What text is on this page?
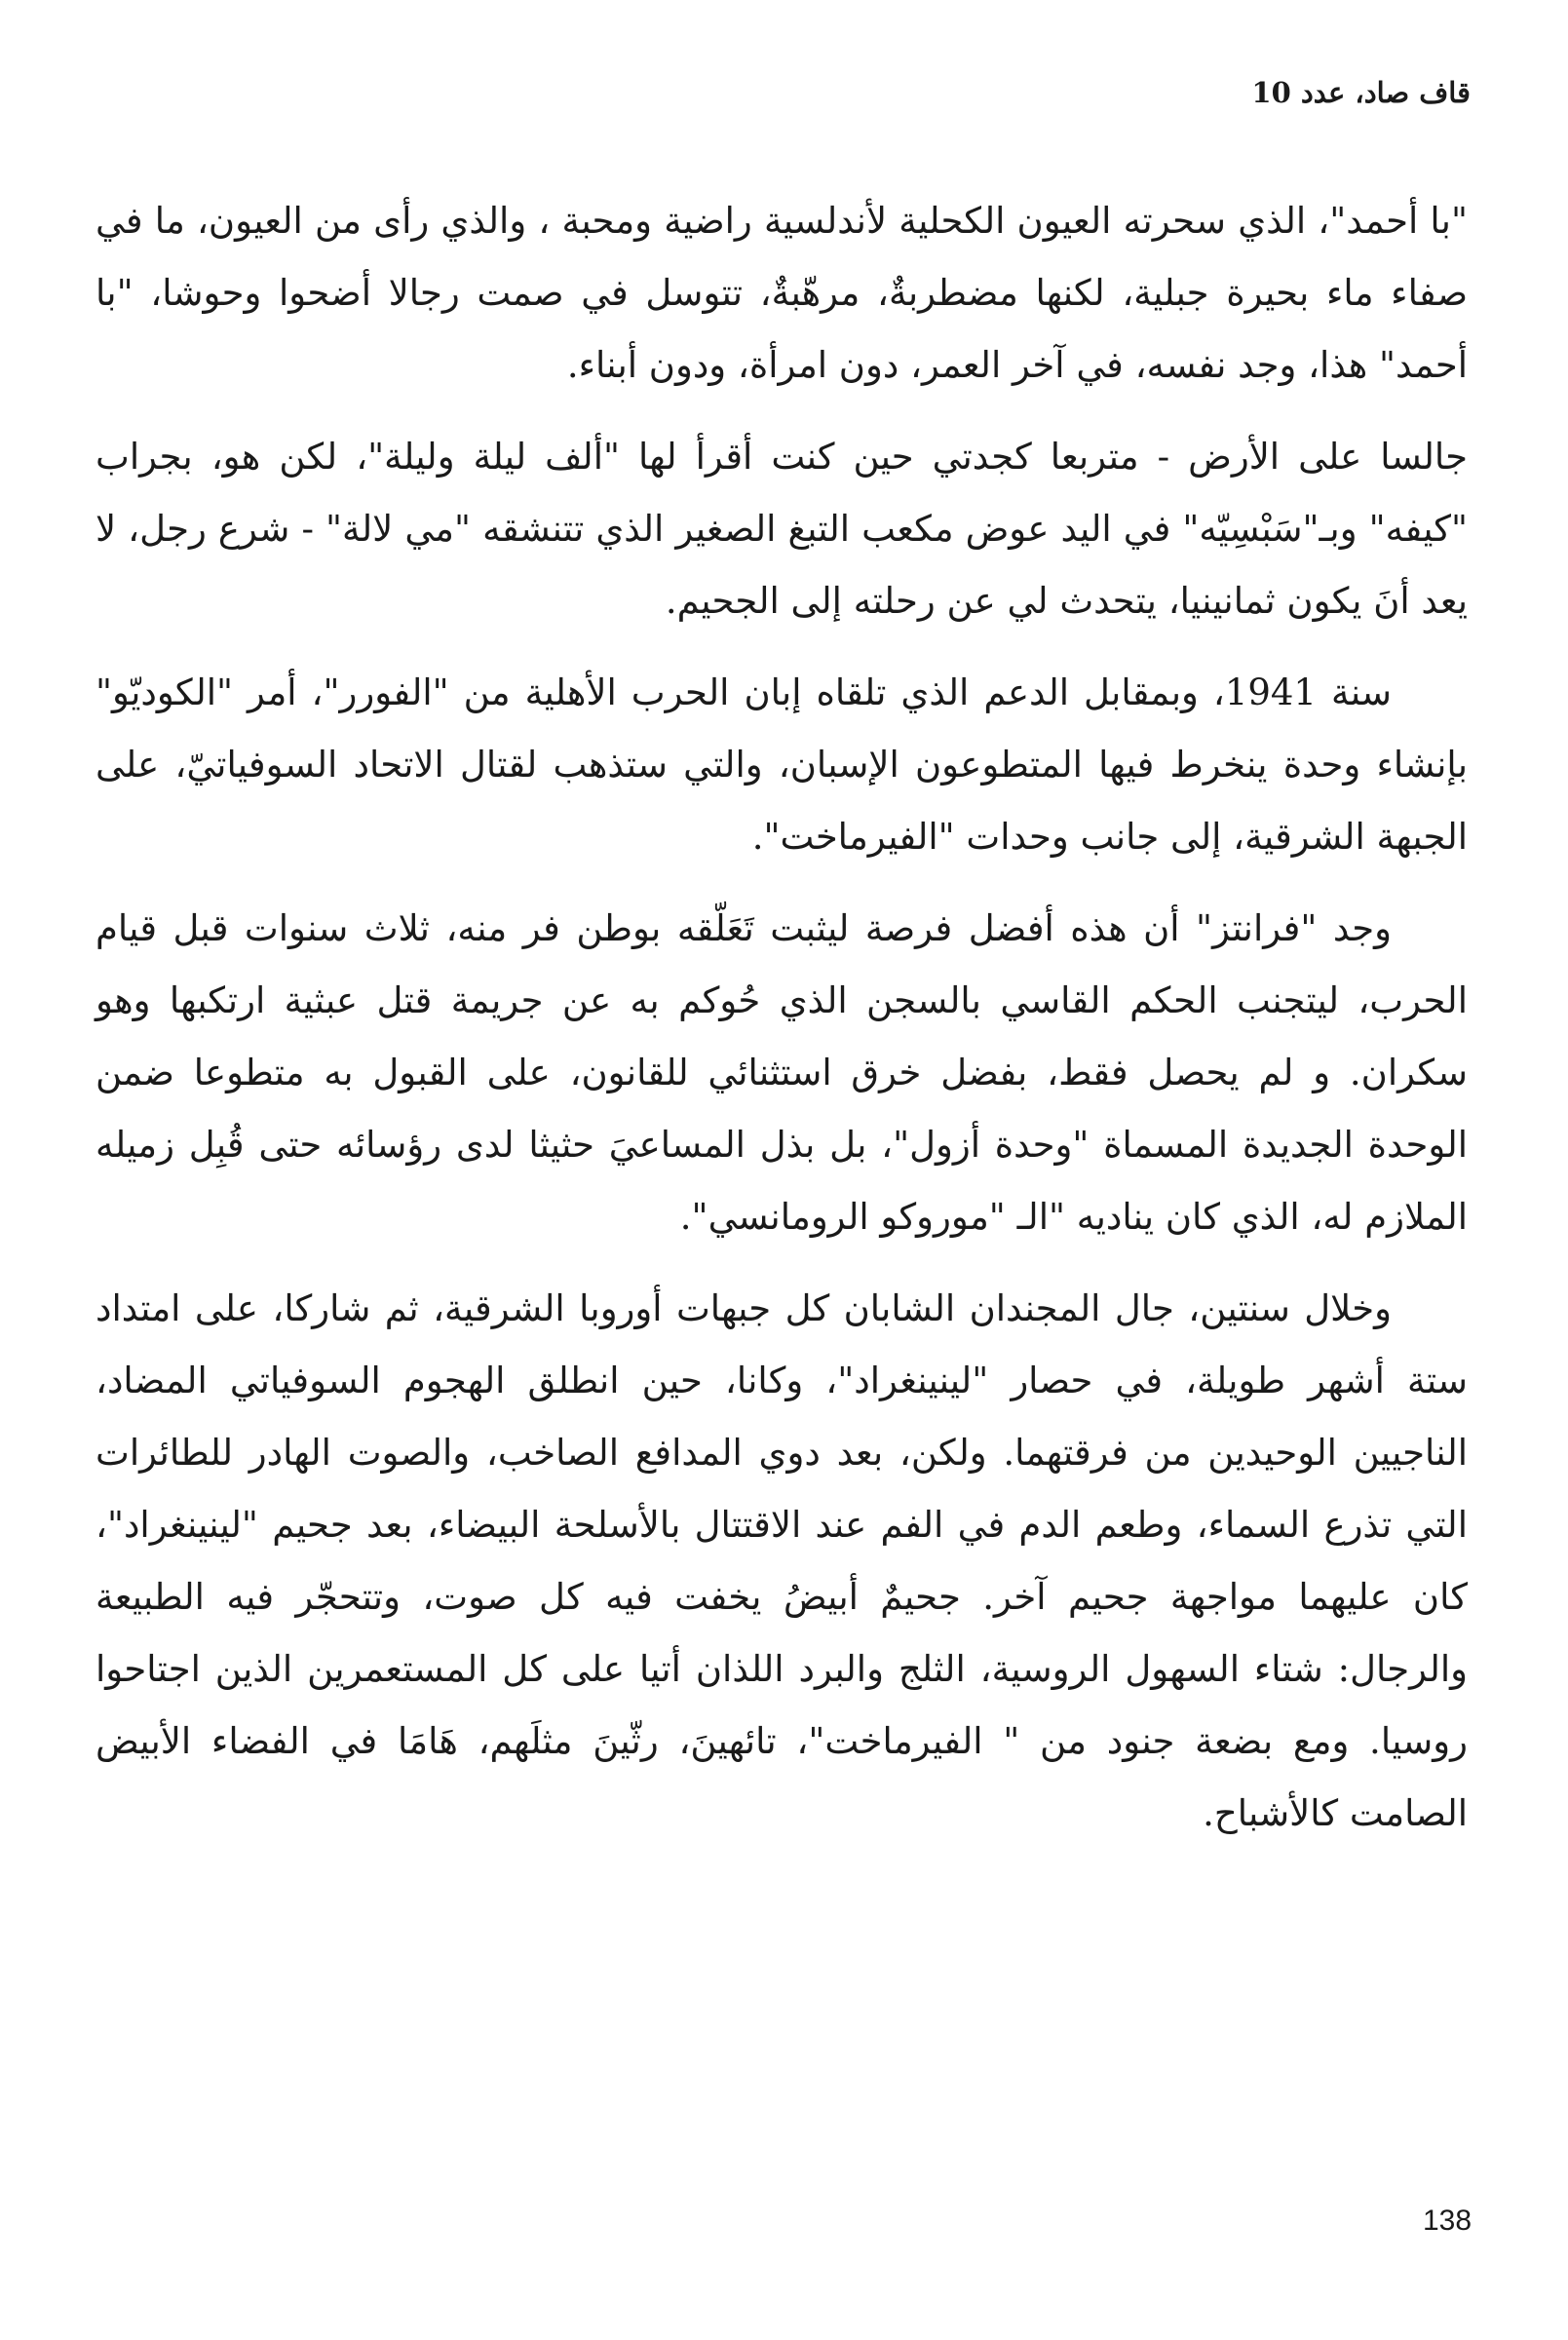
قاف صاد، عدد 10

"با أحمد"، الذي سحرته العيون الكحلية لأندلسية راضية ومحبة ، والذي رأى من العيون، ما في صفاء ماء بحيرة جبلية، لكنها مضطربةٌ، مرهّبةٌ، تتوسل في صمت رجالا أضحوا وحوشا، "با أحمد" هذا، وجد نفسه، في آخر العمر، دون امرأة، ودون أبناء.

جالسا على الأرض - متربعا كجدتي حين كنت أقرأ لها "ألف ليلة وليلة"، لكن هو، بجراب "كيفه" وبـ"سَبْسِيّه" في اليد عوض مكعب التبغ الصغير الذي تتنشقه "مي لالة" - شرع رجل، لا يعد أنَ يكون ثمانينيا، يتحدث لي عن رحلته إلى الجحيم.

سنة 1941، وبمقابل الدعم الذي تلقاه إبان الحرب الأهلية من "الفورر"، أمر "الكوديّو" بإنشاء وحدة ينخرط فيها المتطوعون الإسبان، والتي ستذهب لقتال الاتحاد السوفياتيّ، على الجبهة الشرقية، إلى جانب وحدات "الفيرماخت".

وجد "فرانتز" أن هذه أفضل فرصة ليثبت تَعَلّقه بوطن فر منه، ثلاث سنوات قبل قيام الحرب، ليتجنب الحكم القاسي بالسجن الذي حُوكم به عن جريمة قتل عبثية ارتكبها وهو سكران. و لم يحصل فقط، بفضل خرق استثنائي للقانون، على القبول به متطوعا ضمن الوحدة الجديدة المسماة "وحدة أزول"، بل بذل المساعيَ حثيثا لدى رؤسائه حتى قُبِل زميله الملازم له، الذي كان يناديه "الـ "موروكو الرومانسي".

وخلال سنتين، جال المجندان الشابان كل جبهات أوروبا الشرقية، ثم شاركا، على امتداد ستة أشهر طويلة، في حصار "لينينغراد"، وكانا، حين انطلق الهجوم السوفياتي المضاد، الناجيين الوحيدين من فرقتهما. ولكن، بعد دوي المدافع الصاخب، والصوت الهادر للطائرات التي تذرع السماء، وطعم الدم في الفم عند الاقتتال بالأسلحة البيضاء، بعد جحيم "لينينغراد"، كان عليهما مواجهة جحيم آخر. جحيمٌ أبيضُ يخفت فيه كل صوت، وتتحجّر فيه الطبيعة والرجال: شتاء السهول الروسية، الثلج والبرد اللذان أتيا على كل المستعمرين الذين اجتاحوا روسيا. ومع بضعة جنود من " الفيرماخت"، تائهينَ، رثّينَ مثلَهم، هَامَا في الفضاء الأبيض الصامت كالأشباح.

138
